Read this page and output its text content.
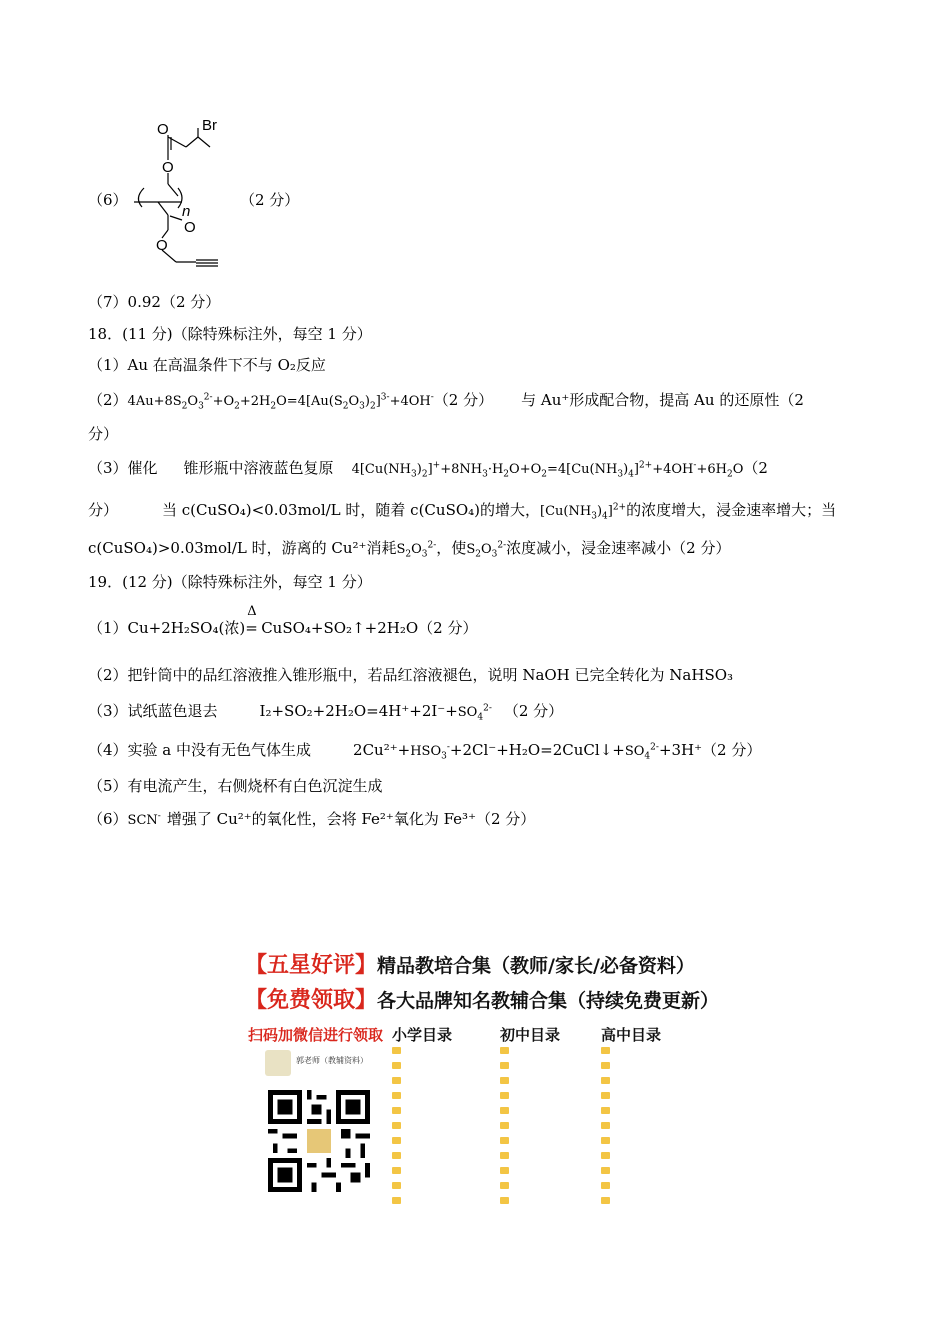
（6）
O Br
O
n
O
O
（2 分）
（7）0.92（2 分）
18．(11 分)（除特殊标注外，每空 1 分）
（1）Au 在高温条件下不与 O₂反应
$(2)4Au+8S_2O_3^{2-}+O_2+2H_2O=4[Au(S_2O_3)_2]^{3-}+4OH^-(2$ 分） 与 Au⁺形成配合物，提高 Au 的还原性（2
分）
（3）催化 锥形瓶中溶液蓝色复原 $4[Cu(NH_3)_2]^++8NH_3\cdot H_2O+O_2=4[Cu(NH_3)_4]^{2+}+4OH^-+6H_2O(2$
分）	当 c(CuSO₄)<0.03mol/L 时，随着 c(CuSO₄)的增大，$[Cu(NH_3)_4]^{2+}$的浓度增大，浸金速率增大；当
c(CuSO₄)>0.03mol/L 时，游离的 Cu²⁺消耗$S_2O_3^{2-}$，使$S_2O_3^{2-}$浓度减小，浸金速率减小（2 分）
19．(12 分)（除特殊标注外，每空 1 分）
（1）Cu+2H₂SO₄(浓)
Δ
= CuSO₄+SO₂↑+2H₂O（2 分）
（2）把针筒中的品红溶液推入锥形瓶中，若品红溶液褪色，说明 NaOH 已完全转化为 NaHSO₃
（3）试纸蓝色退去	$I_2+SO_2+2H_2O=4H^++2I^-+SO_4^{2-}$ （2 分）
（4）实验 a 中没有无色气体生成	$2Cu^{2+}+HSO_3^-+2Cl^-+H_2O=2CuCl↓+SO_4^{2-}+3H^+(2$ 分）
（5）有电流产生，右侧烧杯有白色沉淀生成
（6）SCN- 增强了 Cu²⁺的氧化性，会将 Fe²⁺氧化为 Fe³⁺（2 分）
【五星好评】精品教培合集（教师/家长/必备资料）
【免费领取】各大品牌知名教辅合集（持续免费更新）
扫码加微信进行领取 小学目录	初中目录	高中目录
郭老师（教辅资料）
